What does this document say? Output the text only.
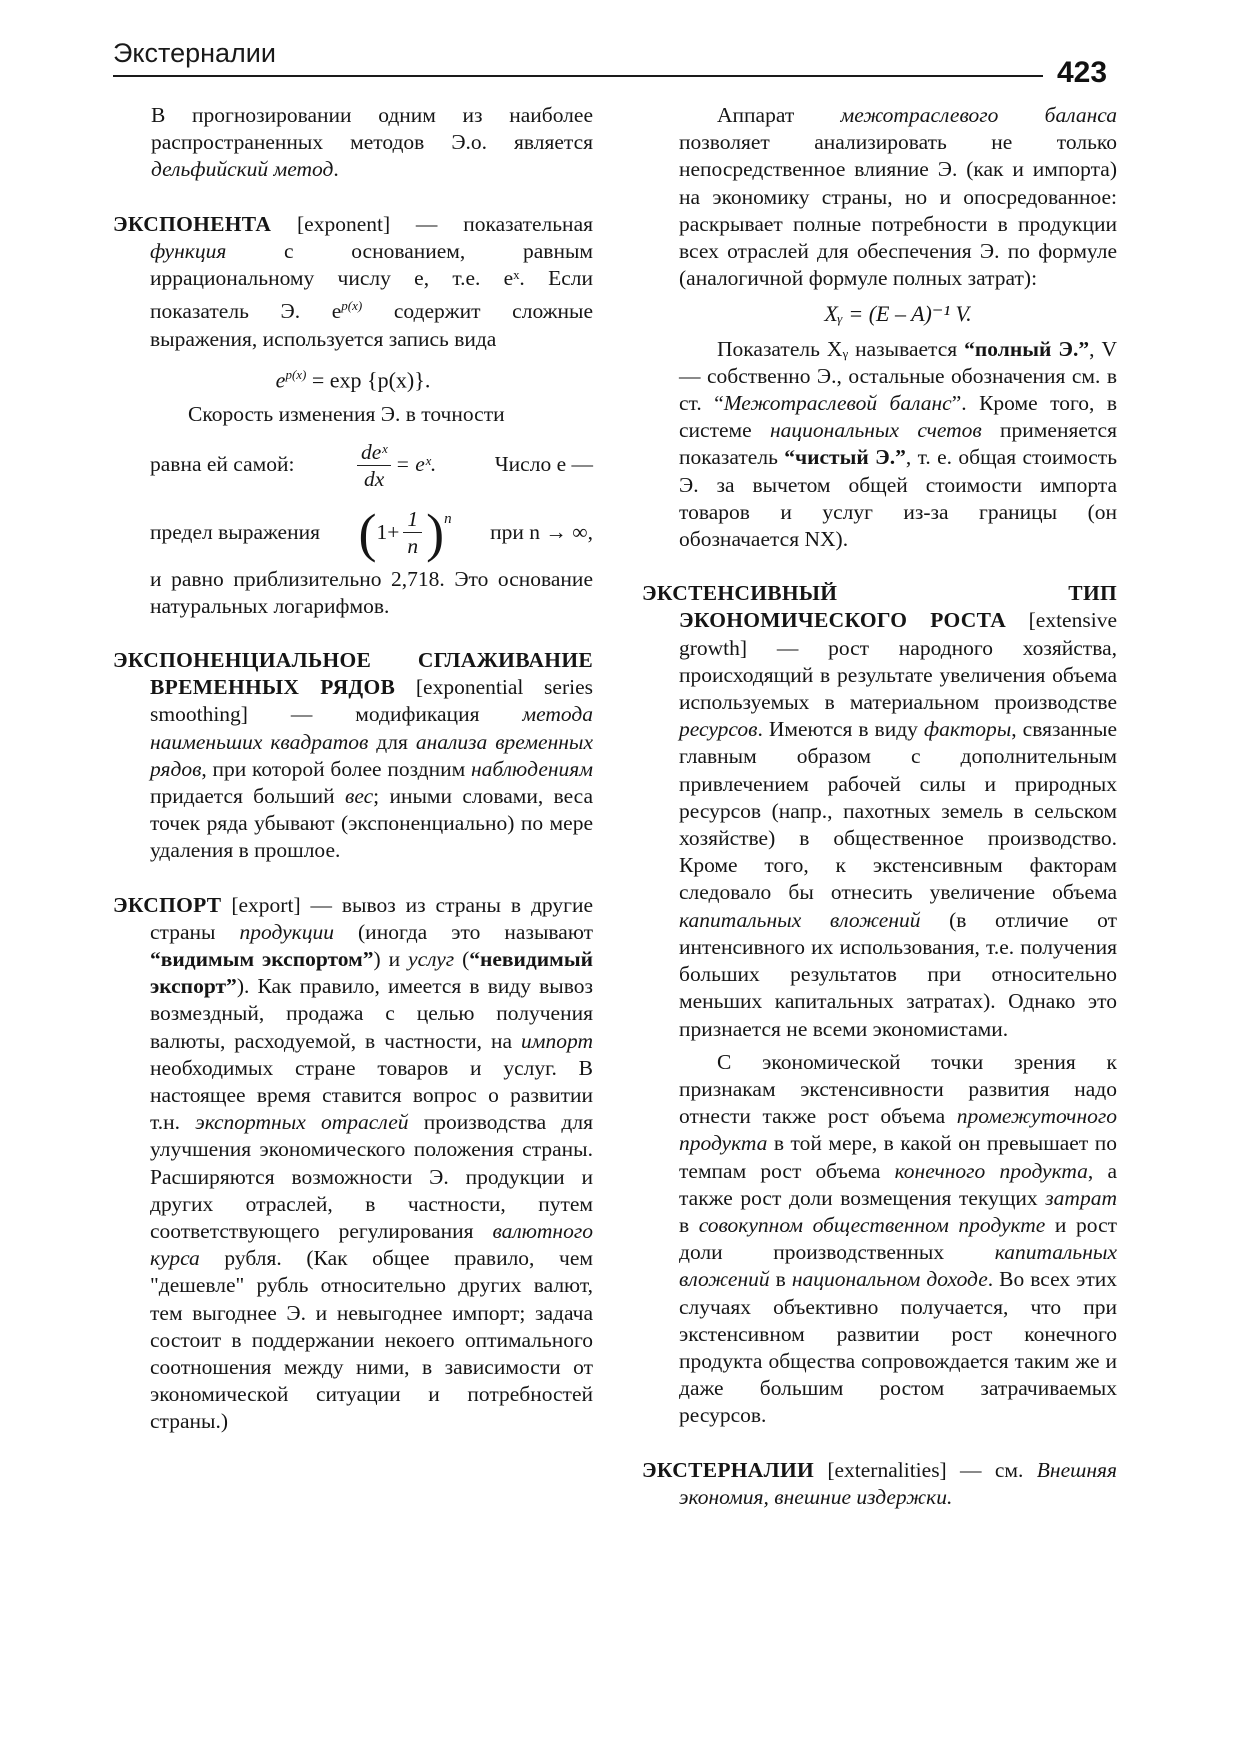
Экстерналии
423

В прогнозировании одним из наиболее распространенных методов Э.о. является дельфийский метод.

ЭКСПОНЕНТА [exponent] — показательная функция с основанием, равным иррациональному числу e, т.е. eˣ. Если показатель Э. $e^{p(x)}$ содержит сложные выражения, используется запись вида

$e^{p(x)} = \exp \{p(x)\}$.

Скорость изменения Э. в точности

равна ей самой:	$\frac{\text{deˣ}}{dx}$ = eˣ.	Число e —

предел выражения ( $1+ \frac{1}{n} )^n$
при n → ∞,

и равно приблизительно 2,718. Это основание натуральных логарифмов.

ЭКСПОНЕНЦИАЛЬНОЕ СГЛАЖИВАНИЕ ВРЕМЕННЫХ РЯДОВ [exponential series smoothing] — модификация метода наименьших квадратов для анализа временных рядов, при которой более поздним наблюдениям придается больший вес; иными словами, веса точек ряда убывают (экспоненциально) по мере удаления в прошлое.

ЭКСПОРТ [export] — вывоз из страны в другие страны продукции (иногда это называют “видимым экспортом”) и услуг (“невидимый экспорт”). Как правило, имеется в виду вывоз возмездный, продажа с целью получения валюты, расходуемой, в частности, на импорт необходимых стране товаров и услуг. В настоящее время ставится вопрос о развитии т.н. экспортных отраслей производства для улучшения экономического положения страны. Расширяются возможности Э. продукции и других отраслей, в частности, путем соответствующего регулирования валютного курса рубля. (Как общее правило, чем "дешевле" рубль относительно других валют, тем выгоднее Э. и невыгоднее импорт; задача состоит в поддержании некоего оптимального соотношения между ними, в зависимости от экономической ситуации и потребностей страны.)

Аппарат межотраслевого баланса позволяет анализировать не только непосредственное влияние Э. (как и импорта) на экономику страны, но и опосредованное: раскрывает полные потребности в продукции всех отраслей для обеспечения Э. по формуле (аналогичной формуле полных затрат):

Xᵧ = (E – A)⁻¹ V.

Показатель Xᵧ называется “полный Э.”, V — собственно Э., остальные обозначения см. в ст. “Межотраслевой баланс”. Кроме того, в системе национальных счетов применяется показатель “чистый Э.”, т. е. общая стоимость Э. за вычетом общей стоимости импорта товаров и услуг из-за границы (он обозначается NX).

ЭКСТЕНСИВНЫЙ ТИП ЭКОНОМИЧЕСКОГО РОСТА [extensive growth] — рост народного хозяйства, происходящий в результате увеличения объема используемых в материальном производстве ресурсов. Имеются в виду факторы, связанные главным образом с дополнительным привлечением рабочей силы и природных ресурсов (напр., пахотных земель в сельском хозяйстве) в общественное производство. Кроме того, к экстенсивным факторам следовало бы отнесить увеличение объема капитальных вложений (в отличие от интенсивного их использования, т.е. получения больших результатов при относительно меньших капитальных затратах). Однако это признается не всеми экономистами.

С экономической точки зрения к признакам экстенсивности развития надо отнести также рост объема промежуточного продукта в той мере, в какой он превышает по темпам рост объема конечного продукта, а также рост доли возмещения текущих затрат в совокупном общественном продукте и рост доли производственных капитальных вложений в национальном доходе. Во всех этих случаях объективно получается, что при экстенсивном развитии рост конечного продукта общества сопровождается таким же и даже большим ростом затрачиваемых ресурсов.

ЭКСТЕРНАЛИИ [externalities] — см. Внешняя экономия, внешние издержки.
